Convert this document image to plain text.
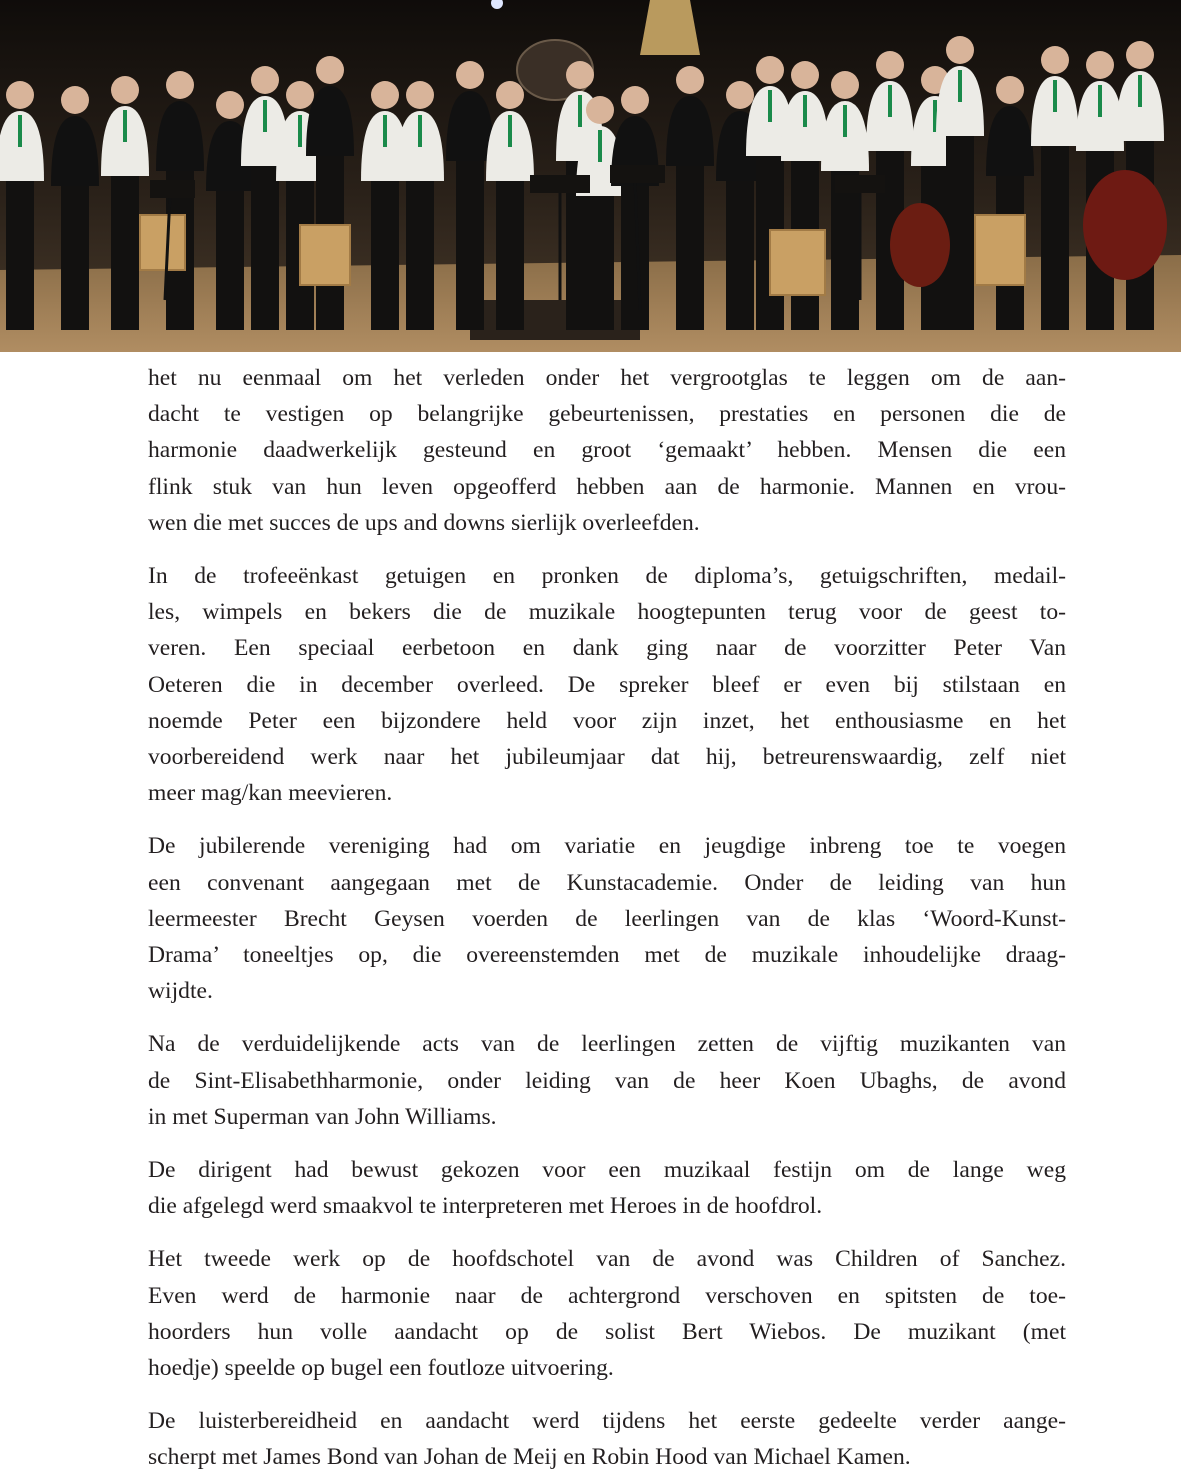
het nu eenmaal om het verleden onder het vergrootglas te leggen om de aan-
dacht te vestigen op belangrijke gebeurtenissen, prestaties en personen die de
harmonie daadwerkelijk gesteund en groot ‘gemaakt’ hebben. Mensen die een
flink stuk van hun leven opgeofferd hebben aan de harmonie. Mannen en vrou-
wen die met succes de ups and downs sierlijk overleefden.

In de trofeeënkast getuigen en pronken de diploma’s, getuigschriften, medail-
les, wimpels en bekers die de muzikale hoogtepunten terug voor de geest to-
veren. Een speciaal eerbetoon en dank ging naar de voorzitter Peter Van
Oeteren die in december overleed. De spreker bleef er even bij stilstaan en
noemde Peter een bijzondere held voor zijn inzet, het enthousiasme en het
voorbereidend werk naar het jubileumjaar dat hij, betreurenswaardig, zelf niet
meer mag/kan meevieren.

De jubilerende vereniging had om variatie en jeugdige inbreng toe te voegen
een convenant aangegaan met de Kunstacademie. Onder de leiding van hun
leermeester Brecht Geysen voerden de leerlingen van de klas ‘Woord-Kunst-
Drama’ toneeltjes op, die overeenstemden met de muzikale inhoudelijke draag-
wijdte.

Na de verduidelijkende acts van de leerlingen zetten de vijftig muzikanten van
de Sint-Elisabethharmonie, onder leiding van de heer Koen Ubaghs, de avond
in met Superman van John Williams.

De dirigent had bewust gekozen voor een muzikaal festijn om de lange weg
die afgelegd werd smaakvol te interpreteren met Heroes in de hoofdrol.

Het tweede werk op de hoofdschotel van de avond was Children of Sanchez.
Even werd de harmonie naar de achtergrond verschoven en spitsten de toe-
hoorders hun volle aandacht op de solist Bert Wiebos. De muzikant (met
hoedje) speelde op bugel een foutloze uitvoering.

De luisterbereidheid en aandacht werd tijdens het eerste gedeelte verder aange-
scherpt met James Bond van Johan de Meij en Robin Hood van Michael Kamen.
